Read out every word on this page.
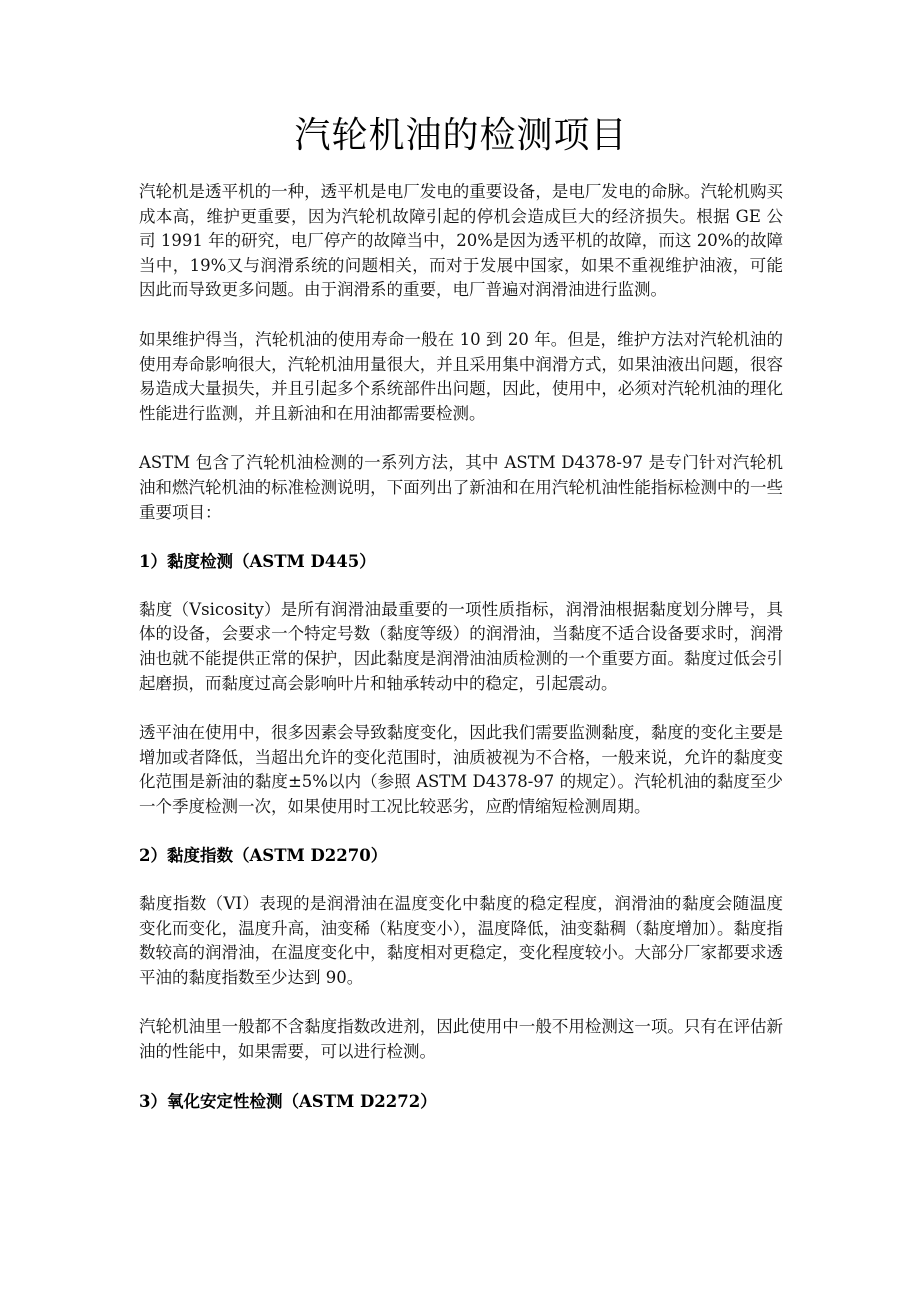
汽轮机油的检测项目

汽轮机是透平机的一种，透平机是电厂发电的重要设备，是电厂发电的命脉。汽轮机购买成本高，维护更重要，因为汽轮机故障引起的停机会造成巨大的经济损失。根据 GE 公司 1991 年的研究，电厂停产的故障当中，20%是因为透平机的故障，而这 20%的故障当中，19%又与润滑系统的问题相关，而对于发展中国家，如果不重视维护油液，可能因此而导致更多问题。由于润滑系的重要，电厂普遍对润滑油进行监测。

如果维护得当，汽轮机油的使用寿命一般在 10 到 20 年。但是，维护方法对汽轮机油的使用寿命影响很大，汽轮机油用量很大，并且采用集中润滑方式，如果油液出问题，很容易造成大量损失，并且引起多个系统部件出问题，因此，使用中，必须对汽轮机油的理化性能进行监测，并且新油和在用油都需要检测。

ASTM 包含了汽轮机油检测的一系列方法，其中 ASTM D4378-97 是专门针对汽轮机油和燃汽轮机油的标准检测说明，下面列出了新油和在用汽轮机油性能指标检测中的一些重要项目：

1）黏度检测（ASTM D445）

黏度（Vsicosity）是所有润滑油最重要的一项性质指标，润滑油根据黏度划分牌号，具体的设备，会要求一个特定号数（黏度等级）的润滑油，当黏度不适合设备要求时，润滑油也就不能提供正常的保护，因此黏度是润滑油油质检测的一个重要方面。黏度过低会引起磨损，而黏度过高会影响叶片和轴承转动中的稳定，引起震动。

透平油在使用中，很多因素会导致黏度变化，因此我们需要监测黏度，黏度的变化主要是增加或者降低，当超出允许的变化范围时，油质被视为不合格，一般来说，允许的黏度变化范围是新油的黏度±5%以内（参照 ASTM D4378-97 的规定）。汽轮机油的黏度至少一个季度检测一次，如果使用时工况比较恶劣，应酌情缩短检测周期。

2）黏度指数（ASTM D2270）

黏度指数（VI）表现的是润滑油在温度变化中黏度的稳定程度，润滑油的黏度会随温度变化而变化，温度升高，油变稀（粘度变小），温度降低，油变黏稠（黏度增加）。黏度指数较高的润滑油，在温度变化中，黏度相对更稳定，变化程度较小。大部分厂家都要求透平油的黏度指数至少达到 90。

汽轮机油里一般都不含黏度指数改进剂，因此使用中一般不用检测这一项。只有在评估新油的性能中，如果需要，可以进行检测。

3）氧化安定性检测（ASTM D2272）
